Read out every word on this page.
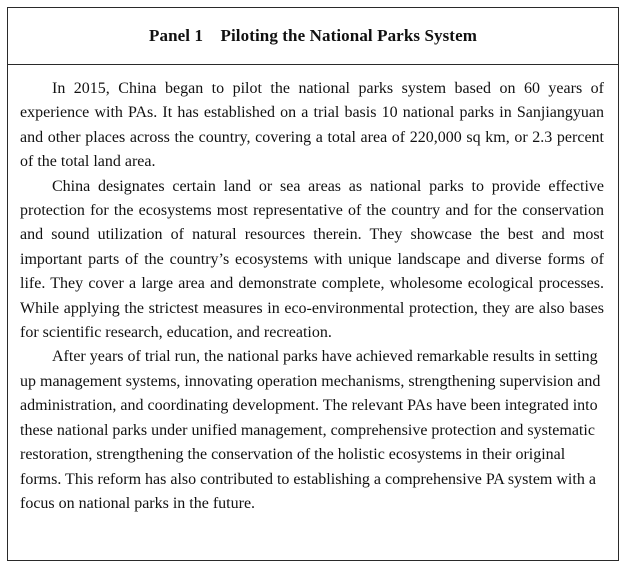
Panel 1    Piloting the National Parks System

In 2015, China began to pilot the national parks system based on 60 years of experience with PAs. It has established on a trial basis 10 national parks in Sanjiangyuan and other places across the country, covering a total area of 220,000 sq km, or 2.3 percent of the total land area.

China designates certain land or sea areas as national parks to provide effective protection for the ecosystems most representative of the country and for the conservation and sound utilization of natural resources therein. They showcase the best and most important parts of the country’s ecosystems with unique landscape and diverse forms of life. They cover a large area and demonstrate complete, wholesome ecological processes. While applying the strictest measures in eco-environmental protection, they are also bases for scientific research, education, and recreation.

After years of trial run, the national parks have achieved remarkable results in setting up management systems, innovating operation mechanisms, strengthening supervision and administration, and coordinating development. The relevant PAs have been integrated into these national parks under unified management, comprehensive protection and systematic restoration, strengthening the conservation of the holistic ecosystems in their original forms. This reform has also contributed to establishing a comprehensive PA system with a focus on national parks in the future.
